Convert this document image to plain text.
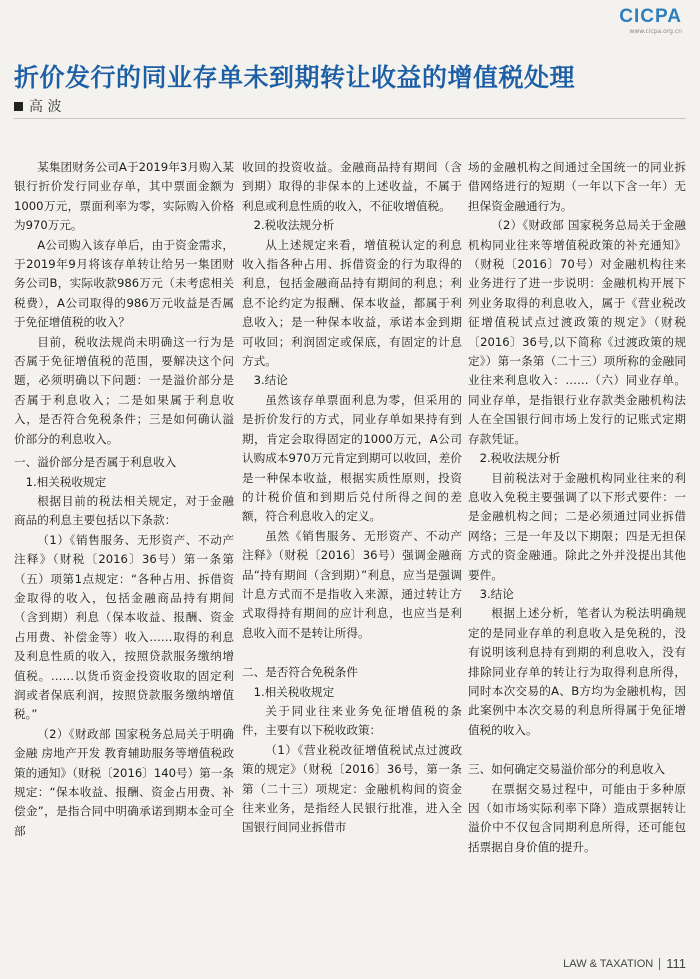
CICPA
www.cicpa.org.cn
折价发行的同业存单未到期转让收益的增值税处理
高 波

某集团财务公司A于2019年3月购入某银行折价发行同业存单，其中票面金额为1000万元，票面利率为零，实际购入价格为970万元。

A公司购入该存单后，由于资金需求，于2019年9月将该存单转让给另一集团财务公司B，实际收款986万元（未考虑相关税费），A公司取得的986万元收益是否属于免征增值税的收入？

目前，税收法规尚未明确这一行为是否属于免征增值税的范围，要解决这个问题，必须明确以下问题：一是溢价部分是否属于利息收入；二是如果属于利息收入，是否符合免税条件；三是如何确认溢价部分的利息收入。

一、溢价部分是否属于利息收入

1.相关税收规定

根据目前的税法相关规定，对于金融商品的利息主要包括以下条款：

（1）《销售服务、无形资产、不动产注释》（财税〔2016〕36号）第一条第（五）项第1点规定：“各种占用、拆借资金取得的收入，包括金融商品持有期间（含到期）利息（保本收益、报酬、资金占用费、补偿金等）收入……取得的利息及利息性质的收入，按照贷款服务缴纳增值税。……以货币资金投资收取的固定利润或者保底利润，按照贷款服务缴纳增值税。”

（2）《财政部 国家税务总局关于明确金融 房地产开发 教育辅助服务等增值税政策的通知》（财税〔2016〕140号）第一条规定：“保本收益、报酬、资金占用费、补偿金”，是指合同中明确承诺到期本金可全部

收回的投资收益。金融商品持有期间（含到期）取得的非保本的上述收益，不属于利息或利息性质的收入，不征收增值税。

2.税收法规分析

从上述规定来看，增值税认定的利息收入指各种占用、拆借资金的行为取得的利息，包括金融商品持有期间的利息；利息不论约定为报酬、保本收益，都属于利息收入；是一种保本收益，承诺本金到期可收回；利润固定或保底，有固定的计息方式。

3.结论

虽然该存单票面利息为零，但采用的是折价发行的方式，同业存单如果持有到期，肯定会取得固定的1000万元，A公司认购成本970万元肯定到期可以收回，差价是一种保本收益，根据实质性原则，投资的计税价值和到期后兑付所得之间的差额，符合利息收入的定义。

虽然《销售服务、无形资产、不动产注释》（财税〔2016〕36号）强调金融商品“持有期间（含到期）”利息，应当是强调计息方式而不是指收入来源，通过转让方式取得持有期间的应计利息，也应当是利息收入而不是转让所得。

二、是否符合免税条件

1.相关税收规定

关于同业往来业务免征增值税的条件，主要有以下税收政策：

（1）《营业税改征增值税试点过渡政策的规定》（财税〔2016〕36号，第一条第（二十三）项规定：金融机构间的资金往来业务，是指经人民银行批准，进入全国银行间同业拆借市

场的金融机构之间通过全国统一的同业拆借网络进行的短期（一年以下含一年）无担保资金融通行为。

（2）《财政部 国家税务总局关于金融机构同业往来等增值税政策的补充通知》（财税〔2016〕70号）对金融机构往来业务进行了进一步说明：金融机构开展下列业务取得的利息收入，属于《营业税改征增值税试点过渡政策的规定》（财税〔2016〕36号,以下简称《过渡政策的规定》）第一条第（二十三）项所称的金融同业往来利息收入：……（六）同业存单。同业存单，是指银行业存款类金融机构法人在全国银行间市场上发行的记账式定期存款凭证。

2.税收法规分析

目前税法对于金融机构同业往来的利息收入免税主要强调了以下形式要件：一是金融机构之间；二是必须通过同业拆借网络；三是一年及以下期限；四是无担保方式的资金融通。除此之外并没提出其他要件。

3.结论

根据上述分析，笔者认为税法明确规定的是同业存单的利息收入是免税的，没有说明该利息持有到期的利息收入，没有排除同业存单的转让行为取得利息所得，同时本次交易的A、B方均为金融机构，因此案例中本次交易的利息所得属于免征增值税的收入。

三、如何确定交易溢价部分的利息收入

在票据交易过程中，可能由于多种原因（如市场实际利率下降）造成票据转让溢价中不仅包含同期利息所得，还可能包括票据自身价值的提升。

LAW & TAXATION 111
